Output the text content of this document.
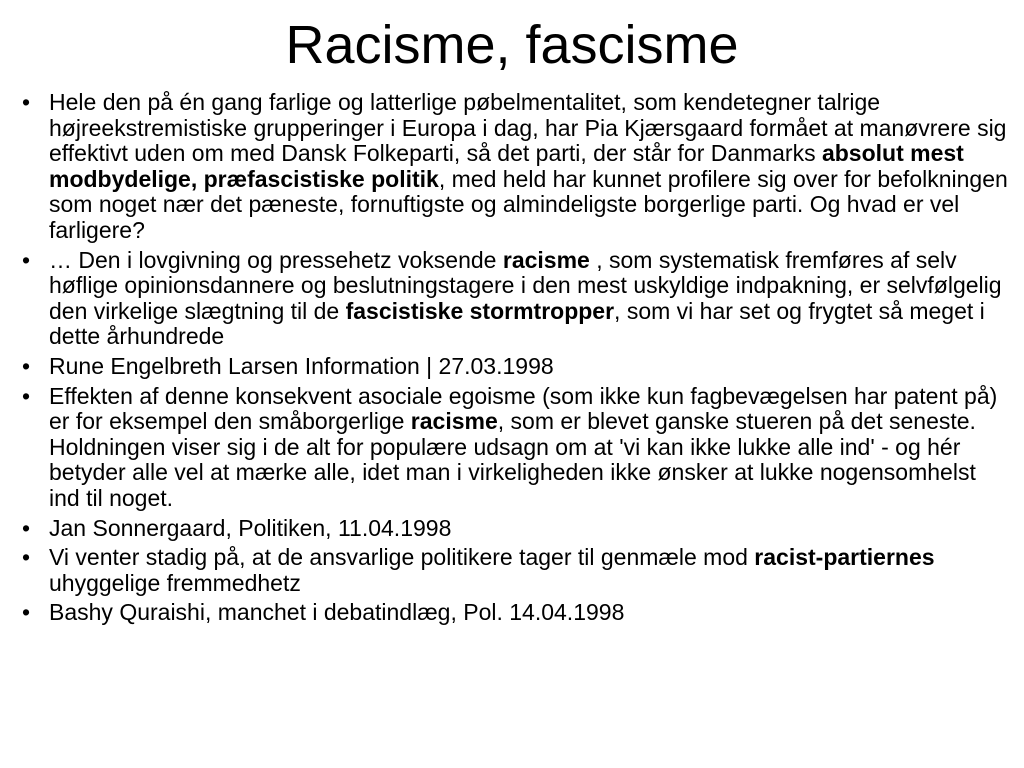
Racisme, fascisme
• Hele den på én gang farlige og latterlige pøbelmentalitet, som kendetegner talrige højreekstremistiske grupperinger i Europa i dag, har Pia Kjærsgaard formået at manøvrere sig effektivt uden om med Dansk Folkeparti, så det parti, der står for Danmarks absolut mest modbydelige, præfascistiske politik, med held har kunnet profilere sig over for befolkningen som noget nær det pæneste, fornuftigste og almindeligste borgerlige parti. Og hvad er vel farligere?
• … Den i lovgivning og pressehetz voksende racisme , som systematisk fremføres af selv høflige opinionsdannere og beslutningstagere i den mest uskyldige indpakning, er selvfølgelig den virkelige slægtning til de fascistiske stormtropper, som vi har set og frygtet så meget i dette århundrede
• Rune Engelbreth Larsen Information | 27.03.1998
• Effekten af denne konsekvent asociale egoisme (som ikke kun fagbevægelsen har patent på) er for eksempel den småborgerlige racisme, som er blevet ganske stueren på det seneste. Holdningen viser sig i de alt for populære udsagn om at 'vi kan ikke lukke alle ind' - og hér betyder alle vel at mærke alle, idet man i virkeligheden ikke ønsker at lukke nogensomhelst ind til noget.
• Jan Sonnergaard, Politiken, 11.04.1998
• Vi venter stadig på, at de ansvarlige politikere tager til genmæle mod racist-partiernes uhyggelige fremmedhetz
• Bashy Quraishi, manchet i debatindlæg, Pol. 14.04.1998
